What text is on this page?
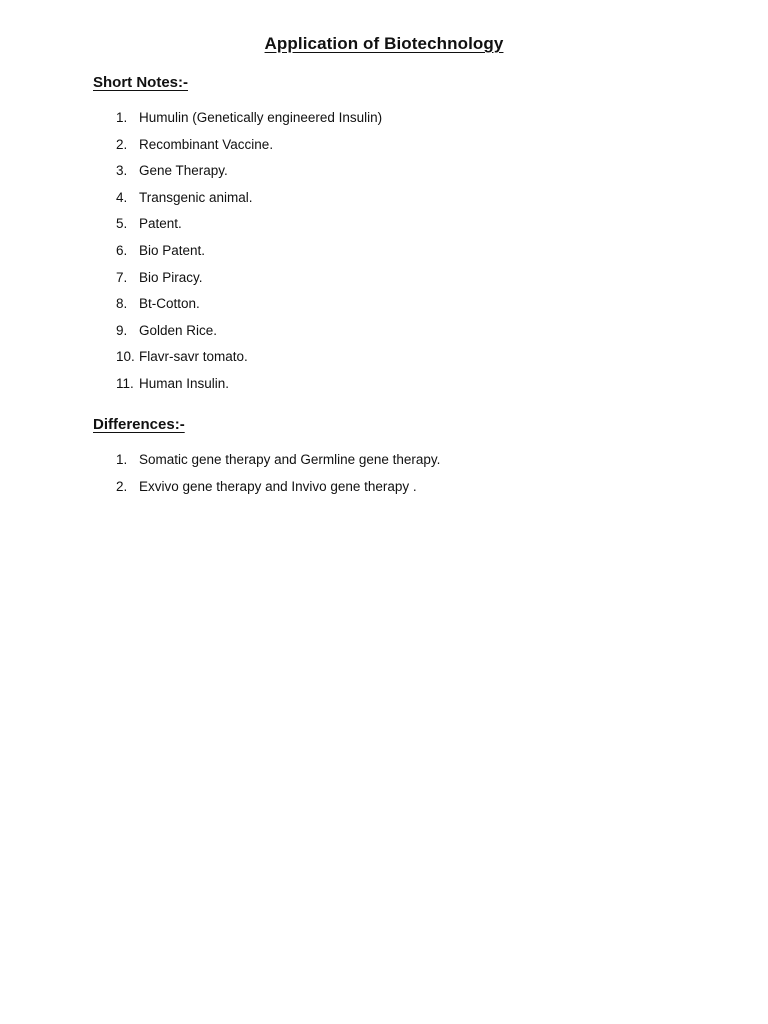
Application of Biotechnology
Short Notes:-
1. Humulin (Genetically engineered Insulin)
2. Recombinant Vaccine.
3. Gene Therapy.
4. Transgenic animal.
5. Patent.
6. Bio Patent.
7. Bio Piracy.
8. Bt-Cotton.
9. Golden Rice.
10. Flavr-savr tomato.
11. Human Insulin.
Differences:-
1. Somatic gene therapy and Germline gene therapy.
2. Exvivo gene therapy and Invivo gene therapy .
